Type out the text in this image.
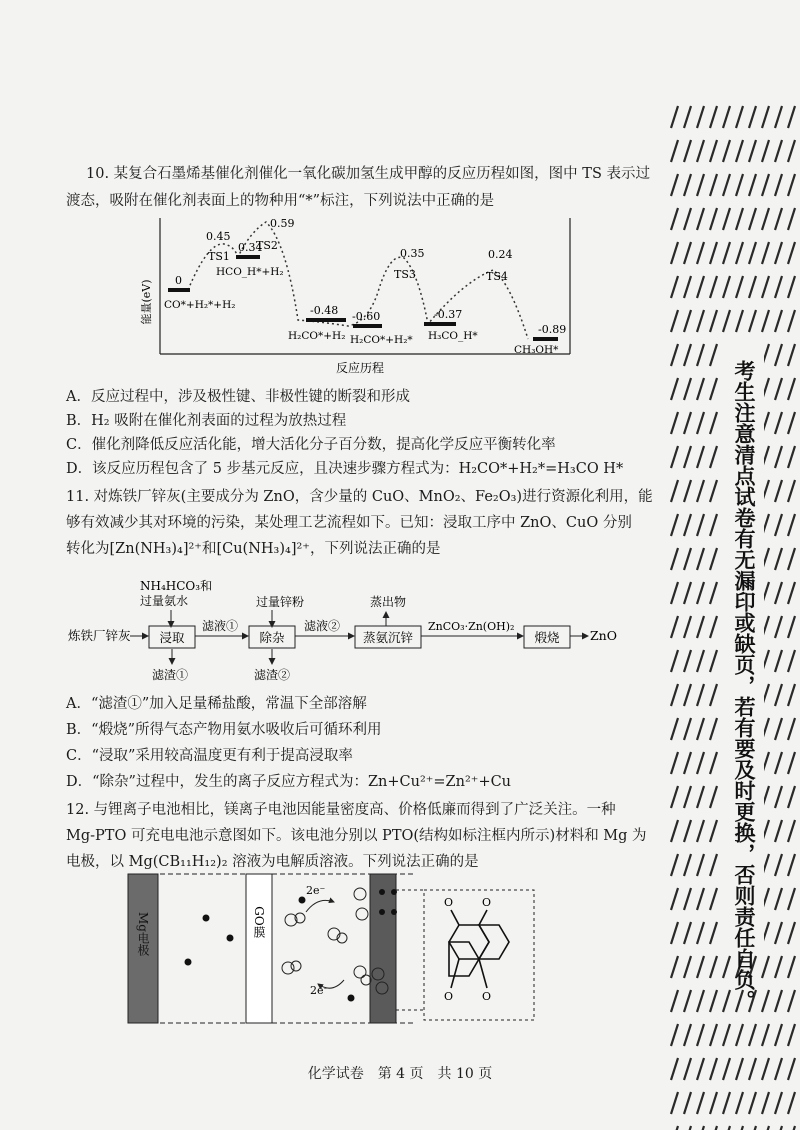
考生注意清点试卷有无漏印或缺页，若有要及时更换，否则责任自负。
10. 某复合石墨烯基催化剂催化一氧化碳加氢生成甲醇的反应历程如图，图中 TS 表示过
渡态，吸附在催化剂表面上的物种用“*”标注，下列说法中正确的是
能量(eV)
反应历程
0
0.34
-0.48 -0.60	-0.37
-0.89
CO*+H₂*+H₂
HCO_H*+H₂
H₂CO*+H₂ H₂CO*+H₂* H₃CO_H*
CH₃OH*
0.45
TS1
0.59
TS2
0.35
TS3
0.24
TS4
A．反应过程中，涉及极性键、非极性键的断裂和形成
B．H₂ 吸附在催化剂表面的过程为放热过程
C．催化剂降低反应活化能，增大活化分子百分数，提高化学反应平衡转化率
D．该反应历程包含了 5 步基元反应，且决速步骤方程式为：H₂CO*+H₂*=H₃CO H*
11. 对炼铁厂锌灰(主要成分为 ZnO，含少量的 CuO、MnO₂、Fe₂O₃)进行资源化利用，能
够有效减少其对环境的污染，某处理工艺流程如下。已知：浸取工序中 ZnO、CuO 分别
转化为[Zn(NH₃)₄]²⁺和[Cu(NH₃)₄]²⁺，下列说法正确的是
NH₄HCO₃和
过量氨水
炼铁厂锌灰 浸取
滤渣①
滤液①
过量锌粉
除杂
滤渣②
滤液②
蒸出物
蒸氨沉锌
ZnCO₃·Zn(OH)₂
煅烧 ZnO
A．“滤渣①”加入足量稀盐酸，常温下全部溶解
B．“煅烧”所得气态产物用氨水吸收后可循环利用
C．“浸取”采用较高温度更有利于提高浸取率
D．“除杂”过程中，发生的离子反应方程式为：Zn+Cu²⁺=Zn²⁺+Cu
12. 与锂离子电池相比，镁离子电池因能量密度高、价格低廉而得到了广泛关注。一种
Mg-PTO 可充电电池示意图如下。该电池分别以 PTO(结构如标注框内所示)材料和 Mg 为
电极，以 Mg(CB₁₁H₁₂)₂ 溶液为电解质溶液。下列说法正确的是
Mg电极	GO膜
2e⁻
2e⁻
O	O
O	O
化学试卷　第 4 页　共 10 页
